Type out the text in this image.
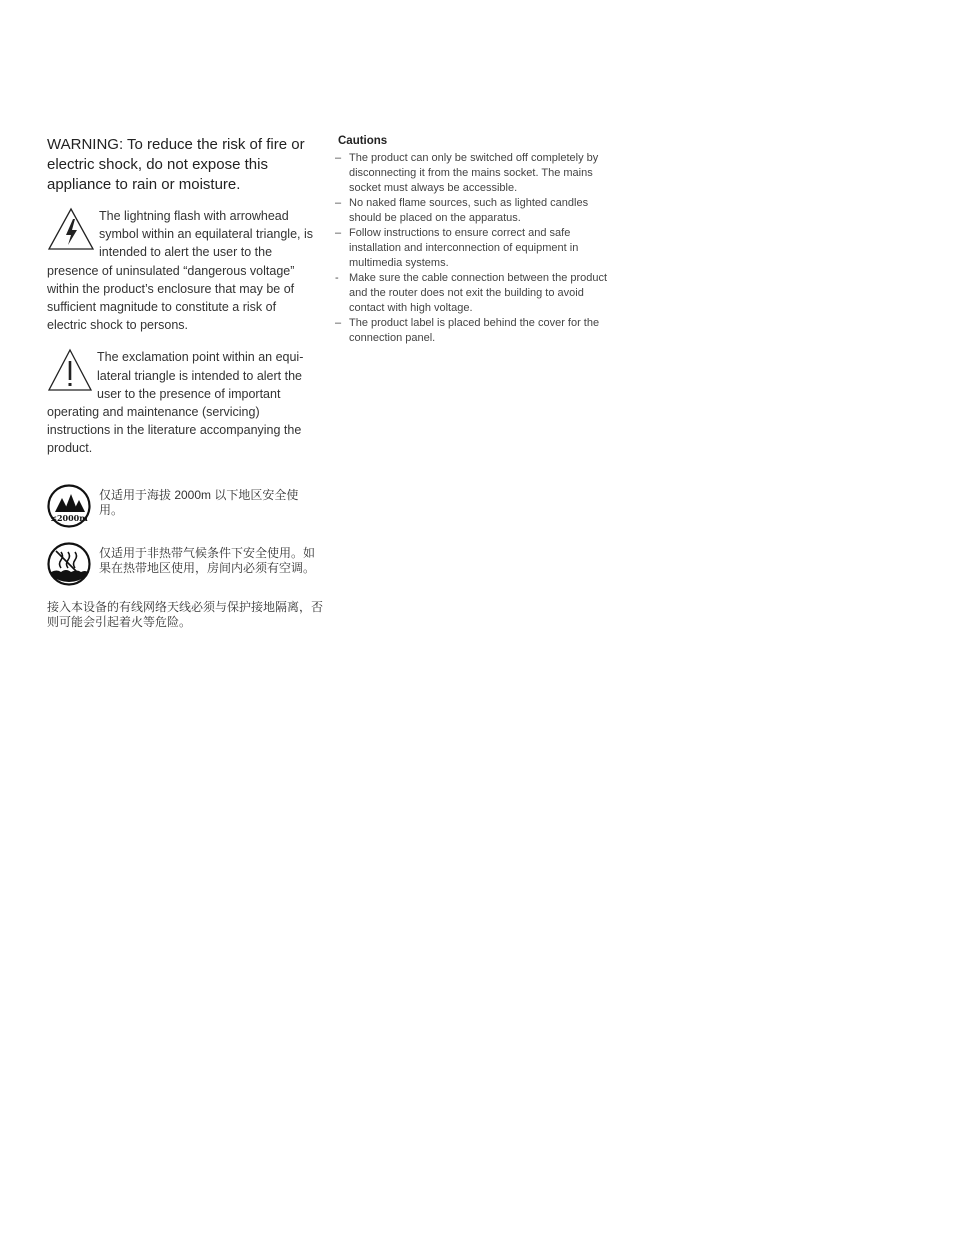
WARNING: To reduce the risk of fire or electric shock, do not expose this appliance to rain or moisture.

The lightning flash with arrowhead symbol within an equilateral triangle, is intended to alert the user to the presence of uninsulated “dangerous voltage” within the product’s enclosure that may be of sufficient magnitude to constitute a risk of electric shock to persons.

The exclamation point within an equilateral triangle is intended to alert the user to the presence of important operating and maintenance (servicing) instructions in the literature accompanying the product.

≤2000m
仅适用于海拔 2000m 以下地区安全使用。
仅适用于非热带气候条件下安全使用。如果在热带地区使用，房间内必须有空调。

接入本设备的有线网络天线必须与保护接地隔离，否则可能会引起着火等危险。

Cautions

– The product can only be switched off completely by disconnecting it from the mains socket. The mains socket must always be accessible.
– No naked flame sources, such as lighted candles should be placed on the apparatus.
– Follow instructions to ensure correct and safe installation and interconnection of equipment in multimedia systems.
- Make sure the cable connection between the product and the router does not exit the building to avoid contact with high voltage.
– The product label is placed behind the cover for the connection panel.
